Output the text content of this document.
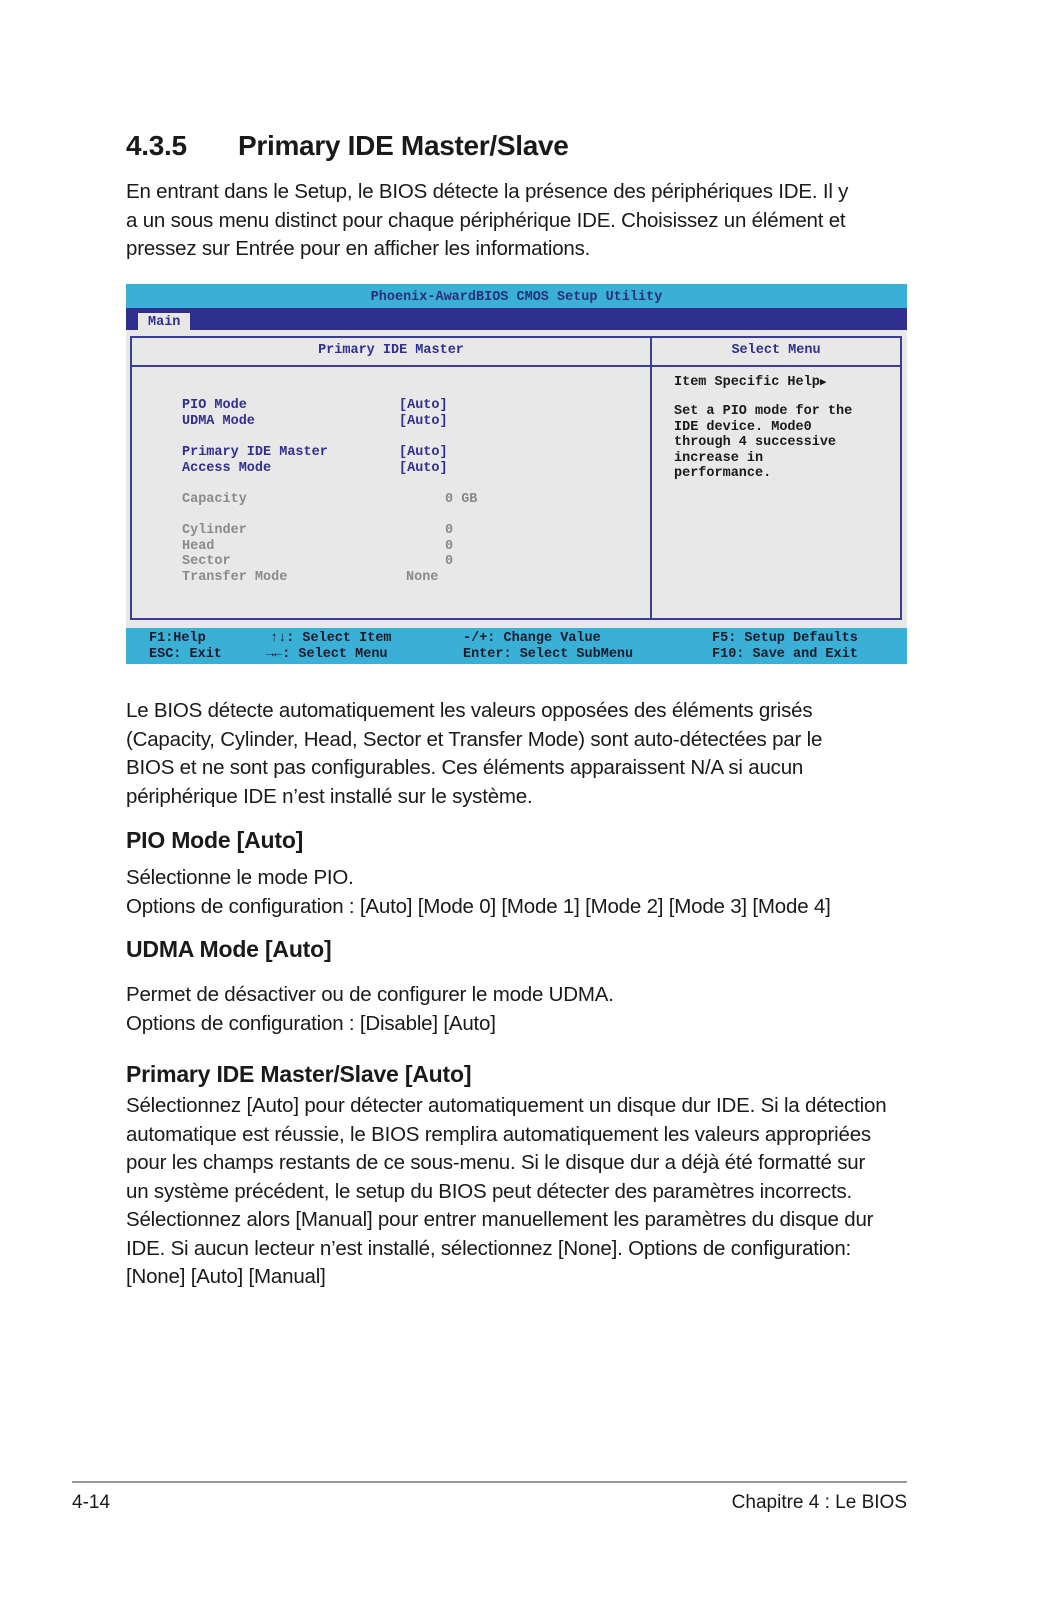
4.3.5 Primary IDE Master/Slave
En entrant dans le Setup, le BIOS détecte la présence des périphériques IDE. Il y
a un sous menu distinct pour chaque périphérique IDE. Choisissez un élément et
pressez sur Entrée pour en afficher les informations.
Phoenix-AwardBIOS CMOS Setup Utility
Main
Primary IDE Master	Select Menu
PIO Mode	[Auto]
UDMA Mode	[Auto]
Primary IDE Master	[Auto]
Access Mode	[Auto]
Capacity	0 GB
Cylinder	0
Head	0
Sector	0
Transfer Mode	None
Item Specific Help▶
Set a PIO mode for the
IDE device. Mode0
through 4 successive
increase in
performance.
F1:Help
ESC: Exit
↑↓: Select Item
→←: Select Menu
-/+: Change Value
Enter: Select SubMenu
F5: Setup Defaults
F10: Save and Exit
Le BIOS détecte automatiquement les valeurs opposées des éléments grisés
(Capacity, Cylinder, Head, Sector et Transfer Mode) sont auto-détectées par le
BIOS et ne sont pas configurables. Ces éléments apparaissent N/A si aucun
périphérique IDE n’est installé sur le système.
PIO Mode [Auto]
Sélectionne le mode PIO.
Options de configuration : [Auto] [Mode 0] [Mode 1] [Mode 2] [Mode 3] [Mode 4]
UDMA Mode [Auto]
Permet de désactiver ou de configurer le mode UDMA.
Options de configuration : [Disable] [Auto]
Primary IDE Master/Slave [Auto]
Sélectionnez [Auto] pour détecter automatiquement un disque dur IDE. Si la détection
automatique est réussie, le BIOS remplira automatiquement les valeurs appropriées
pour les champs restants de ce sous-menu. Si le disque dur a déjà été formatté sur
un système précédent, le setup du BIOS peut détecter des paramètres incorrects.
Sélectionnez alors [Manual] pour entrer manuellement les paramètres du disque dur
IDE. Si aucun lecteur n’est installé, sélectionnez [None]. Options de configuration:
[None] [Auto] [Manual]
4-14	Chapitre 4 : Le BIOS
